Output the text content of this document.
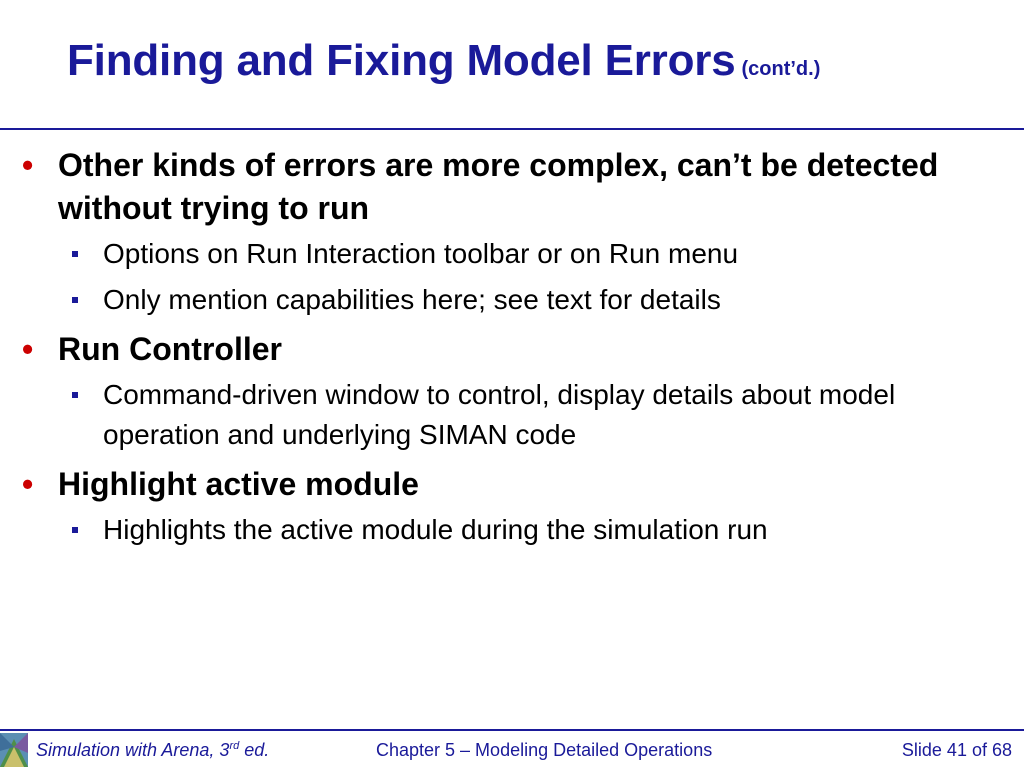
Finding and Fixing Model Errors (cont’d.)
• Other kinds of errors are more complex, can’t be detected without trying to run
Options on Run Interaction toolbar or on Run menu
Only mention capabilities here; see text for details
• Run Controller
Command-driven window to control, display details about model operation and underlying SIMAN code
• Highlight active module
Highlights the active module during the simulation run
Simulation with Arena, 3rd ed.	Chapter 5 – Modeling Detailed Operations	Slide 41 of 68
